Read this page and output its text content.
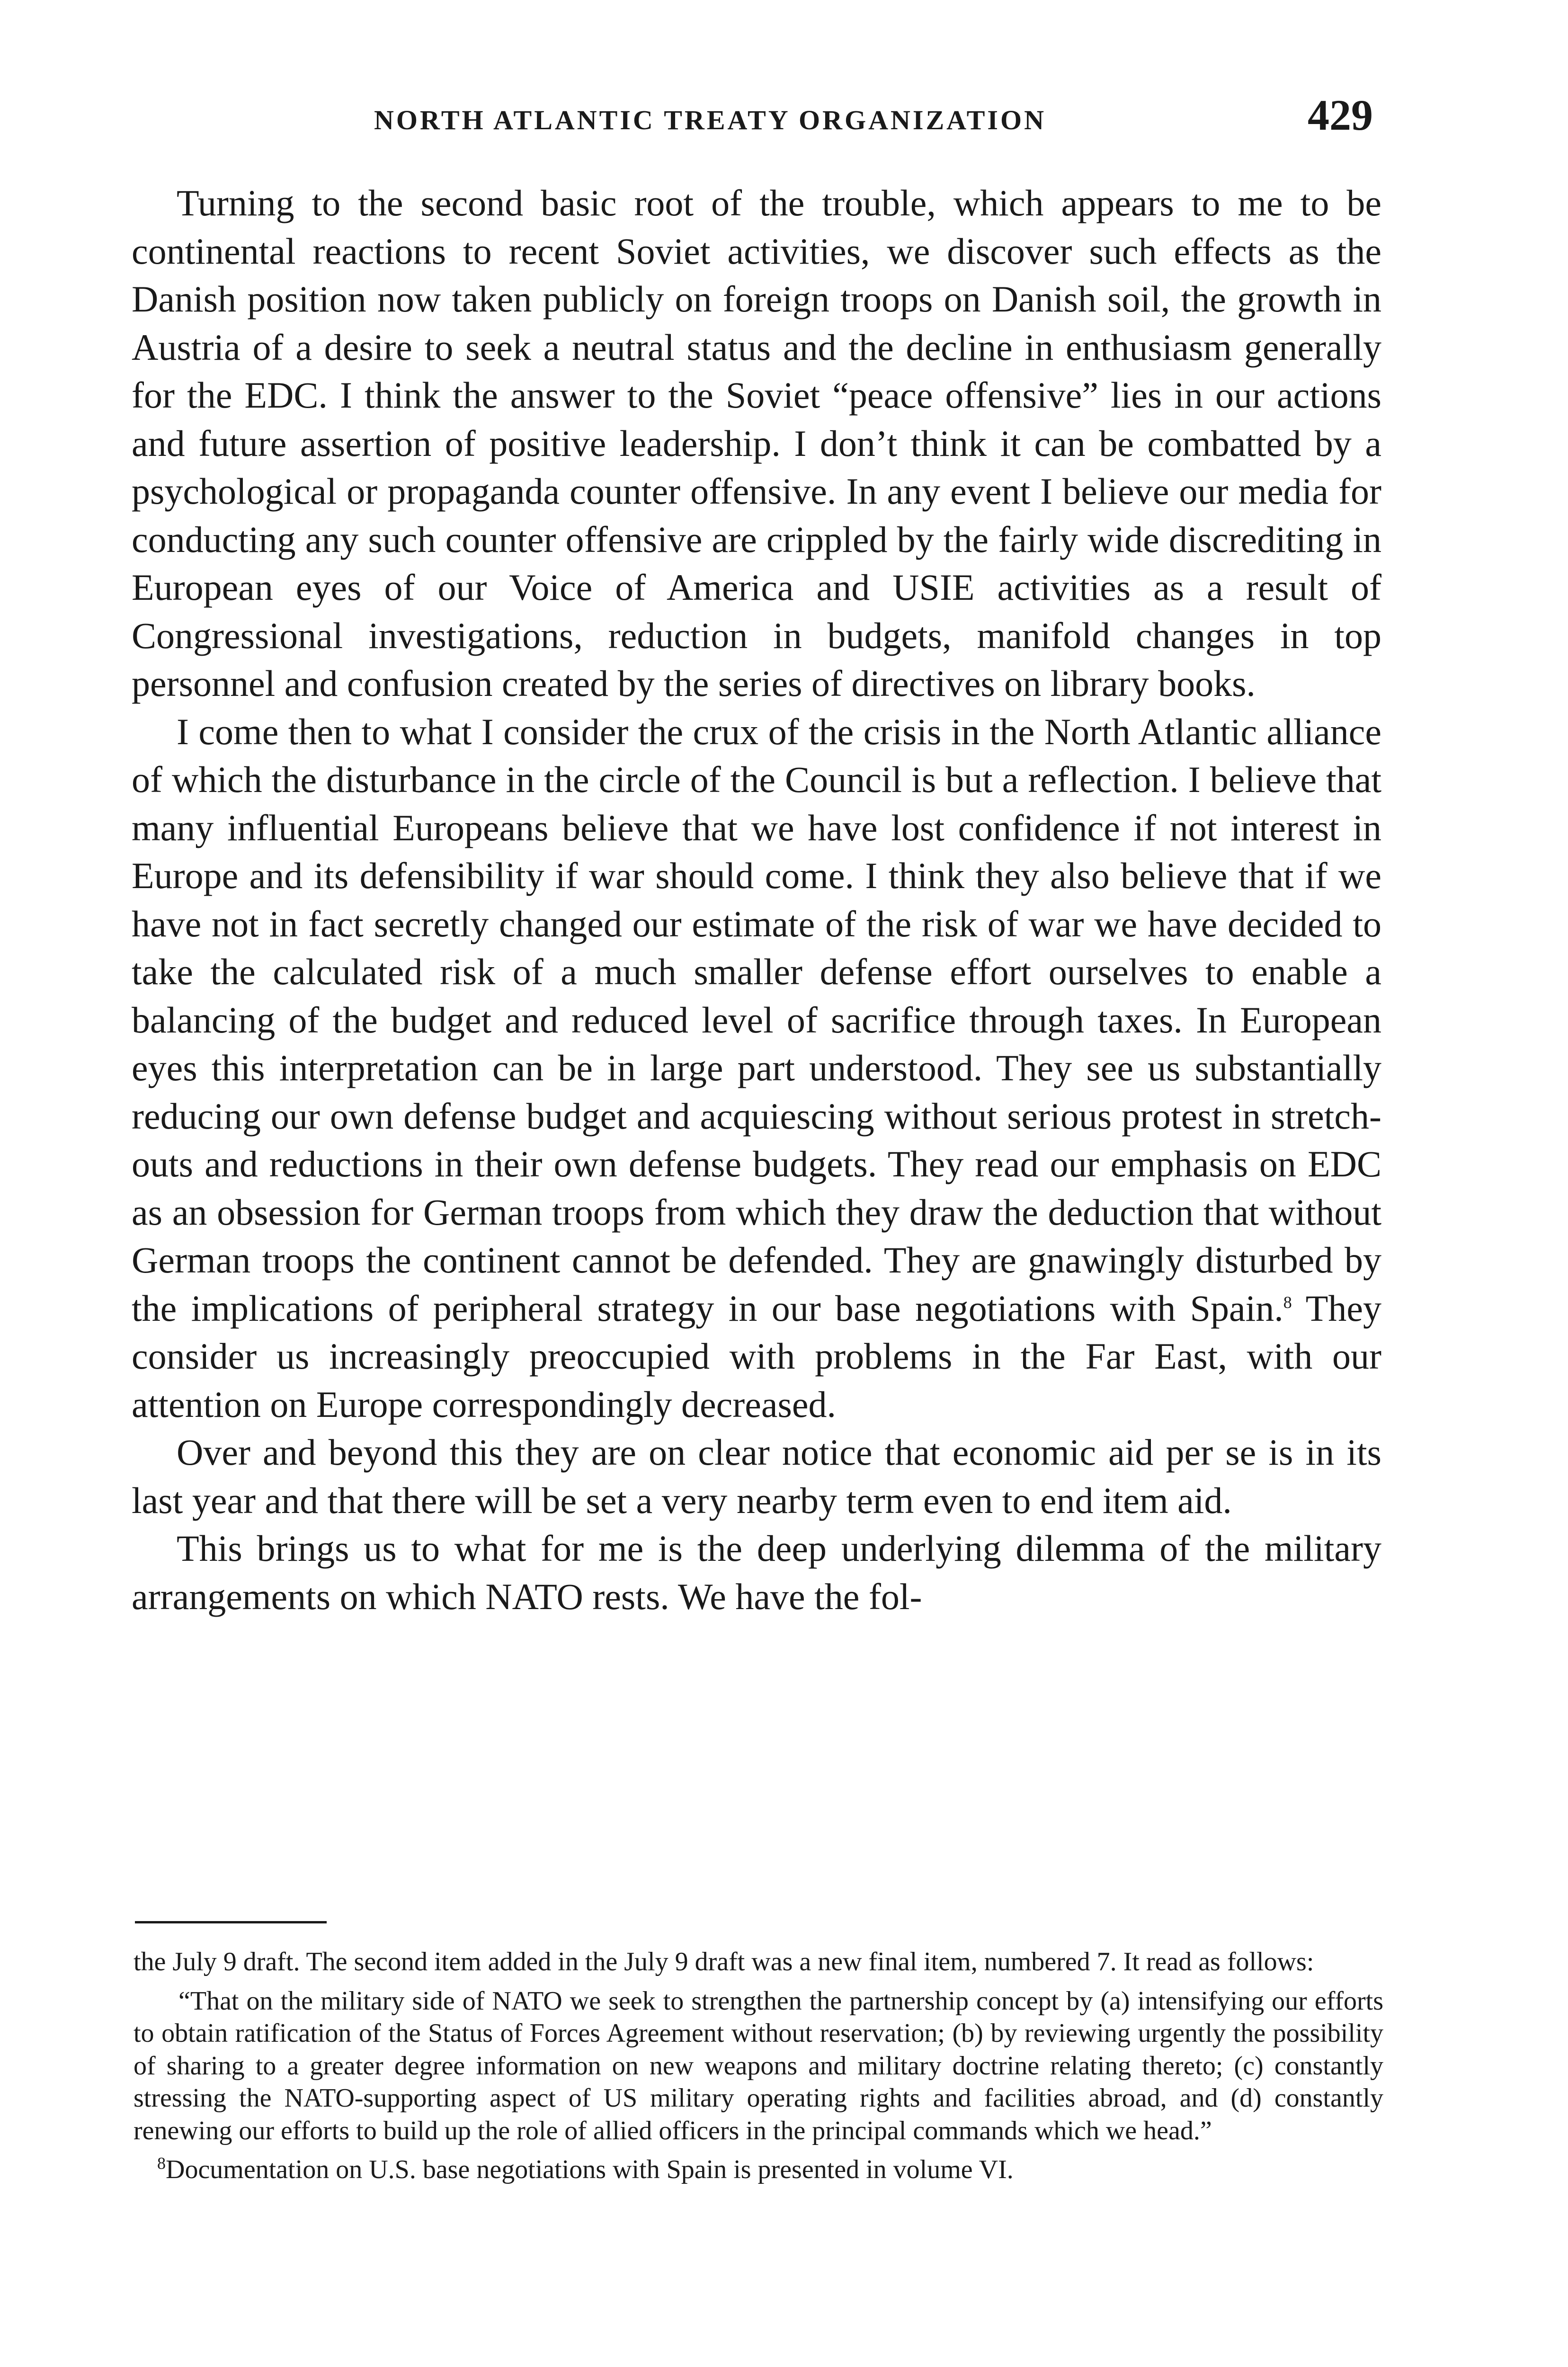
NORTH ATLANTIC TREATY ORGANIZATION	429

Turning to the second basic root of the trouble, which appears to me to be continental reactions to recent Soviet activities, we discover such effects as the Danish position now taken publicly on foreign troops on Danish soil, the growth in Austria of a desire to seek a neutral status and the decline in enthusiasm generally for the EDC. I think the answer to the Soviet “peace offensive” lies in our actions and future assertion of positive leadership. I don’t think it can be combatted by a psychological or propaganda counter offensive. In any event I believe our media for conducting any such counter offensive are crippled by the fairly wide discrediting in European eyes of our Voice of America and USIE activities as a result of Congressional investigations, reduction in budgets, manifold changes in top personnel and confusion created by the series of directives on library books.

I come then to what I consider the crux of the crisis in the North Atlantic alliance of which the disturbance in the circle of the Council is but a reflection. I believe that many influential Europeans believe that we have lost confidence if not interest in Europe and its defensibility if war should come. I think they also believe that if we have not in fact secretly changed our estimate of the risk of war we have decided to take the calculated risk of a much smaller defense effort ourselves to enable a balancing of the budget and reduced level of sacrifice through taxes. In European eyes this interpretation can be in large part understood. They see us substantially reducing our own defense budget and acquiescing without serious protest in stretch-outs and reductions in their own defense budgets. They read our emphasis on EDC as an obsession for German troops from which they draw the deduction that without German troops the continent cannot be defended. They are gnawingly disturbed by the implications of peripheral strategy in our base negotiations with Spain.$^8$ They consider us increasingly preoccupied with problems in the Far East, with our attention on Europe correspondingly decreased.

Over and beyond this they are on clear notice that economic aid per se is in its last year and that there will be set a very nearby term even to end item aid.

This brings us to what for me is the deep underlying dilemma of the military arrangements on which NATO rests. We have the fol-

the July 9 draft. The second item added in the July 9 draft was a new final item, numbered 7. It read as follows:

“That on the military side of NATO we seek to strengthen the partnership concept by (a) intensifying our efforts to obtain ratification of the Status of Forces Agreement without reservation; (b) by reviewing urgently the possibility of sharing to a greater degree information on new weapons and military doctrine relating thereto; (c) constantly stressing the NATO-supporting aspect of US military operating rights and facilities abroad, and (d) constantly renewing our efforts to build up the role of allied officers in the principal commands which we head.”

$^8$Documentation on U.S. base negotiations with Spain is presented in volume VI.
